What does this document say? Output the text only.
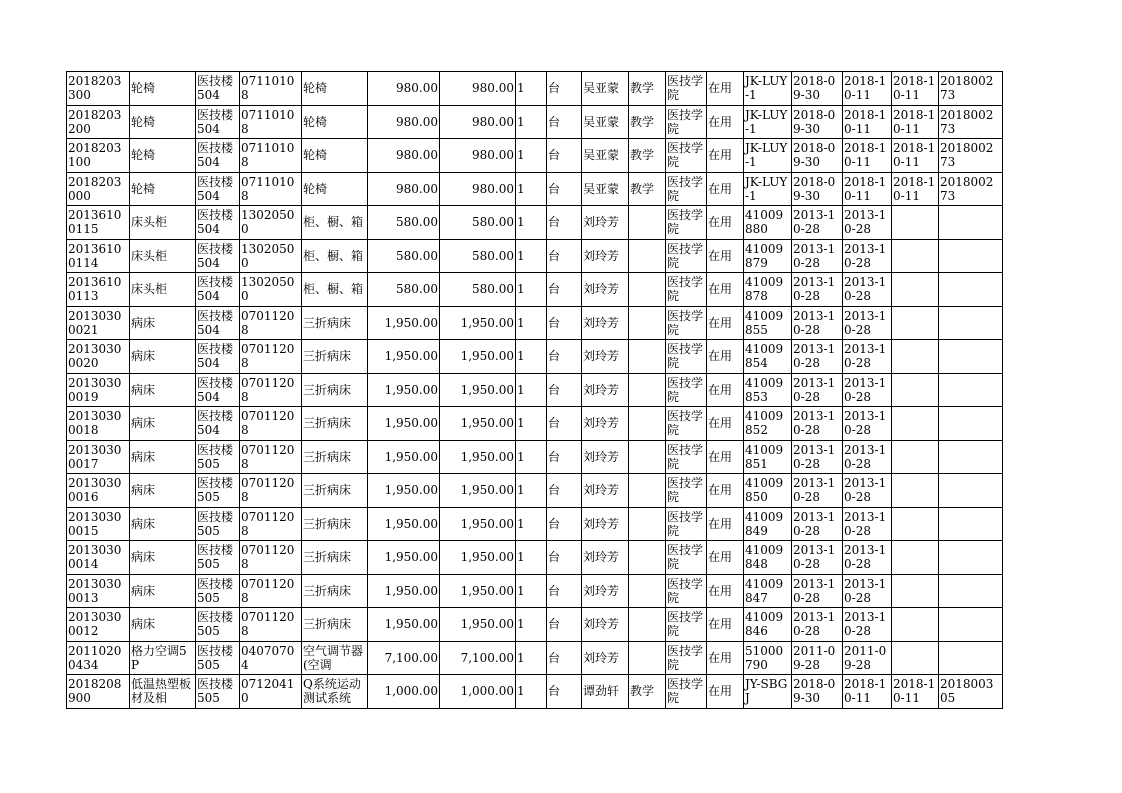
2018203300	轮椅	医技楼504	07110108	轮椅	980.00	980.00	1	台	吴亚蒙	教学	医技学院	在用	JK-LUY-1	2018-09-30	2018-10-11	2018-10-11	201800273
2018203200	轮椅	医技楼504	07110108	轮椅	980.00	980.00	1	台	吴亚蒙	教学	医技学院	在用	JK-LUY-1	2018-09-30	2018-10-11	2018-10-11	201800273
2018203100	轮椅	医技楼504	07110108	轮椅	980.00	980.00	1	台	吴亚蒙	教学	医技学院	在用	JK-LUY-1	2018-09-30	2018-10-11	2018-10-11	201800273
2018203000	轮椅	医技楼504	07110108	轮椅	980.00	980.00	1	台	吴亚蒙	教学	医技学院	在用	JK-LUY-1	2018-09-30	2018-10-11	2018-10-11	201800273
20136100115	床头柜	医技楼504	13020500	柜、橱、箱	580.00	580.00	1	台	刘玲芳		医技学院	在用	41009880	2013-10-28	2013-10-28		
20136100114	床头柜	医技楼504	13020500	柜、橱、箱	580.00	580.00	1	台	刘玲芳		医技学院	在用	41009879	2013-10-28	2013-10-28		
20136100113	床头柜	医技楼504	13020500	柜、橱、箱	580.00	580.00	1	台	刘玲芳		医技学院	在用	41009878	2013-10-28	2013-10-28		
20130300021	病床	医技楼504	07011208	三折病床	1,950.00	1,950.00	1	台	刘玲芳		医技学院	在用	41009855	2013-10-28	2013-10-28		
20130300020	病床	医技楼504	07011208	三折病床	1,950.00	1,950.00	1	台	刘玲芳		医技学院	在用	41009854	2013-10-28	2013-10-28		
20130300019	病床	医技楼504	07011208	三折病床	1,950.00	1,950.00	1	台	刘玲芳		医技学院	在用	41009853	2013-10-28	2013-10-28		
20130300018	病床	医技楼504	07011208	三折病床	1,950.00	1,950.00	1	台	刘玲芳		医技学院	在用	41009852	2013-10-28	2013-10-28		
20130300017	病床	医技楼505	07011208	三折病床	1,950.00	1,950.00	1	台	刘玲芳		医技学院	在用	41009851	2013-10-28	2013-10-28		
20130300016	病床	医技楼505	07011208	三折病床	1,950.00	1,950.00	1	台	刘玲芳		医技学院	在用	41009850	2013-10-28	2013-10-28		
20130300015	病床	医技楼505	07011208	三折病床	1,950.00	1,950.00	1	台	刘玲芳		医技学院	在用	41009849	2013-10-28	2013-10-28		
20130300014	病床	医技楼505	07011208	三折病床	1,950.00	1,950.00	1	台	刘玲芳		医技学院	在用	41009848	2013-10-28	2013-10-28		
20130300013	病床	医技楼505	07011208	三折病床	1,950.00	1,950.00	1	台	刘玲芳		医技学院	在用	41009847	2013-10-28	2013-10-28		
20130300012	病床	医技楼505	07011208	三折病床	1,950.00	1,950.00	1	台	刘玲芳		医技学院	在用	41009846	2013-10-28	2013-10-28		
20110200434	格力空调5P	医技楼505	04070704	空气调节器(空调	7,100.00	7,100.00	1	台	刘玲芳		医技学院	在用	51000790	2011-09-28	2011-09-28		
2018208900	低温热塑板材及相	医技楼505	07120410	Q系统运动测试系统	1,000.00	1,000.00	1	台	谭劲轩	教学	医技学院	在用	JY-SBGJ	2018-09-30	2018-10-11	2018-10-11	201800305
